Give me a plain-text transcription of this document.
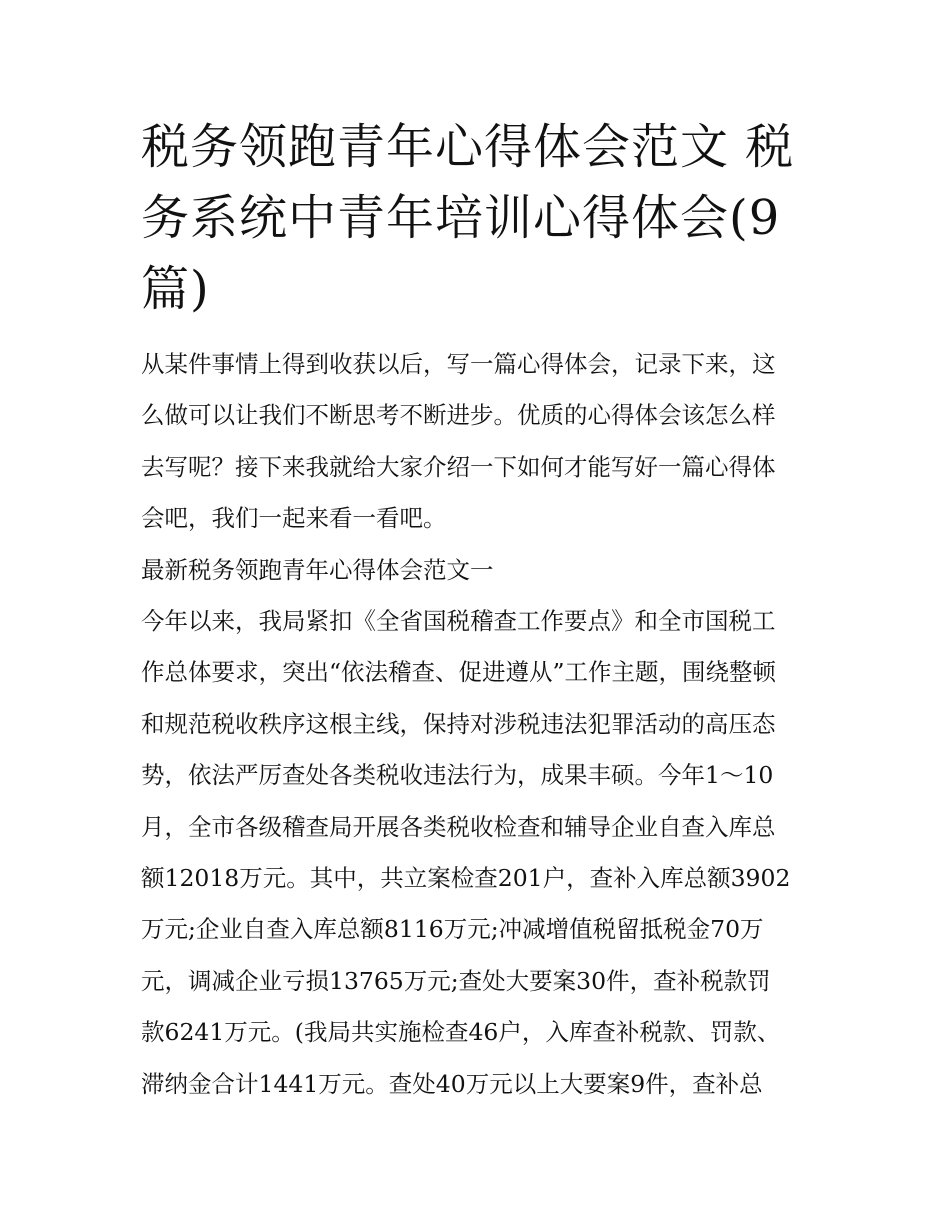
税务领跑青年心得体会范文 税
务系统中青年培训心得体会(9
篇)
从某件事情上得到收获以后，写一篇心得体会，记录下来，这
么做可以让我们不断思考不断进步。优质的心得体会该怎么样
去写呢？接下来我就给大家介绍一下如何才能写好一篇心得体
会吧，我们一起来看一看吧。
最新税务领跑青年心得体会范文一
今年以来，我局紧扣《全省国税稽查工作要点》和全市国税工
作总体要求，突出“依法稽查、促进遵从”工作主题，围绕整顿
和规范税收秩序这根主线，保持对涉税违法犯罪活动的高压态
势，依法严厉查处各类税收违法行为，成果丰硕。今年1～10
月，全市各级稽查局开展各类税收检查和辅导企业自查入库总
额12018万元。其中，共立案检查201户，查补入库总额3902
万元;企业自查入库总额8116万元;冲减增值税留抵税金70万
元，调减企业亏损13765万元;查处大要案30件，查补税款罚
款6241万元。(我局共实施检查46户，入库查补税款、罚款、
滞纳金合计1441万元。查处40万元以上大要案9件，查补总
